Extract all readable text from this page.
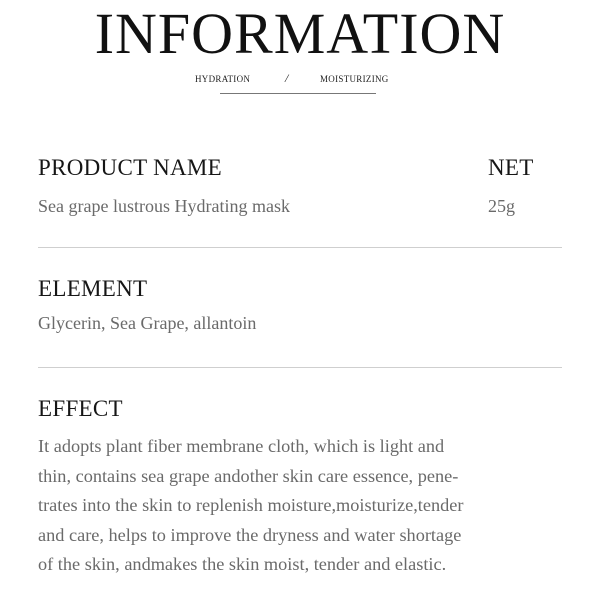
INFORMATION
HYDRATION	/	MOISTURIZING
PRODUCT NAME	NET
Sea grape lustrous Hydrating mask	25g
ELEMENT
Glycerin, Sea Grape, allantoin
EFFECT
It adopts plant fiber membrane cloth, which is light and
thin, contains sea grape andother skin care essence, pene-
trates into the skin to replenish moisture,moisturize,tender
and care, helps to improve the dryness and water shortage
of the skin, andmakes the skin moist, tender and elastic.
